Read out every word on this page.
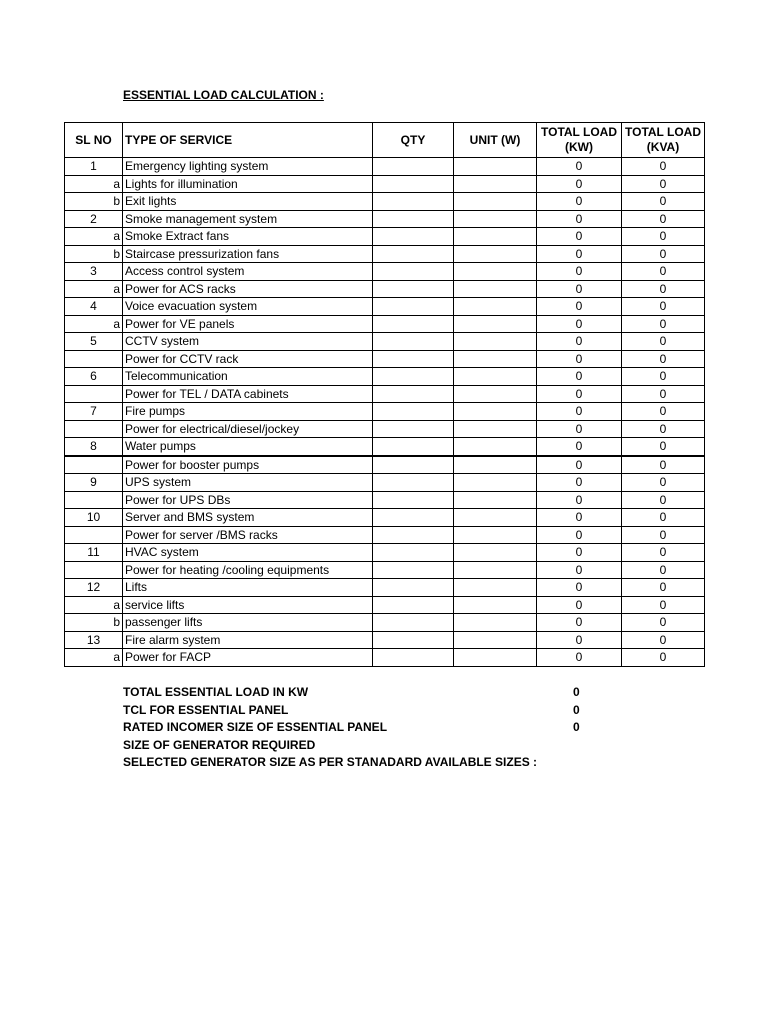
ESSENTIAL LOAD CALCULATION :
SL NO	TYPE OF SERVICE	QTY	UNIT (W)	TOTAL LOAD (KW)	TOTAL LOAD (KVA)
1	Emergency lighting system			0	0
a	Lights for illumination			0	0
b	Exit lights			0	0
2	Smoke management system			0	0
a	Smoke Extract fans			0	0
b	Staircase pressurization fans			0	0
3	Access control system			0	0
a	Power for ACS racks			0	0
4	Voice evacuation system			0	0
a	Power for VE panels			0	0
5	CCTV system			0	0
	Power for CCTV rack			0	0
6	Telecommunication			0	0
	Power for TEL / DATA cabinets			0	0
7	Fire pumps			0	0
	Power for electrical/diesel/jockey			0	0
8	Water pumps			0	0
	Power for booster pumps			0	0
9	UPS system			0	0
	Power for UPS DBs			0	0
10	Server and BMS system			0	0
	Power for server /BMS racks			0	0
11	HVAC system			0	0
	Power for heating /cooling equipments			0	0
12	Lifts			0	0
a	service lifts			0	0
b	passenger lifts			0	0
13	Fire alarm system			0	0
a	Power for FACP			0	0
TOTAL ESSENTIAL LOAD IN KW	0
TCL FOR ESSENTIAL PANEL	0
RATED INCOMER SIZE OF ESSENTIAL PANEL	0
SIZE OF GENERATOR REQUIRED
SELECTED GENERATOR SIZE AS PER STANADARD AVAILABLE SIZES :
